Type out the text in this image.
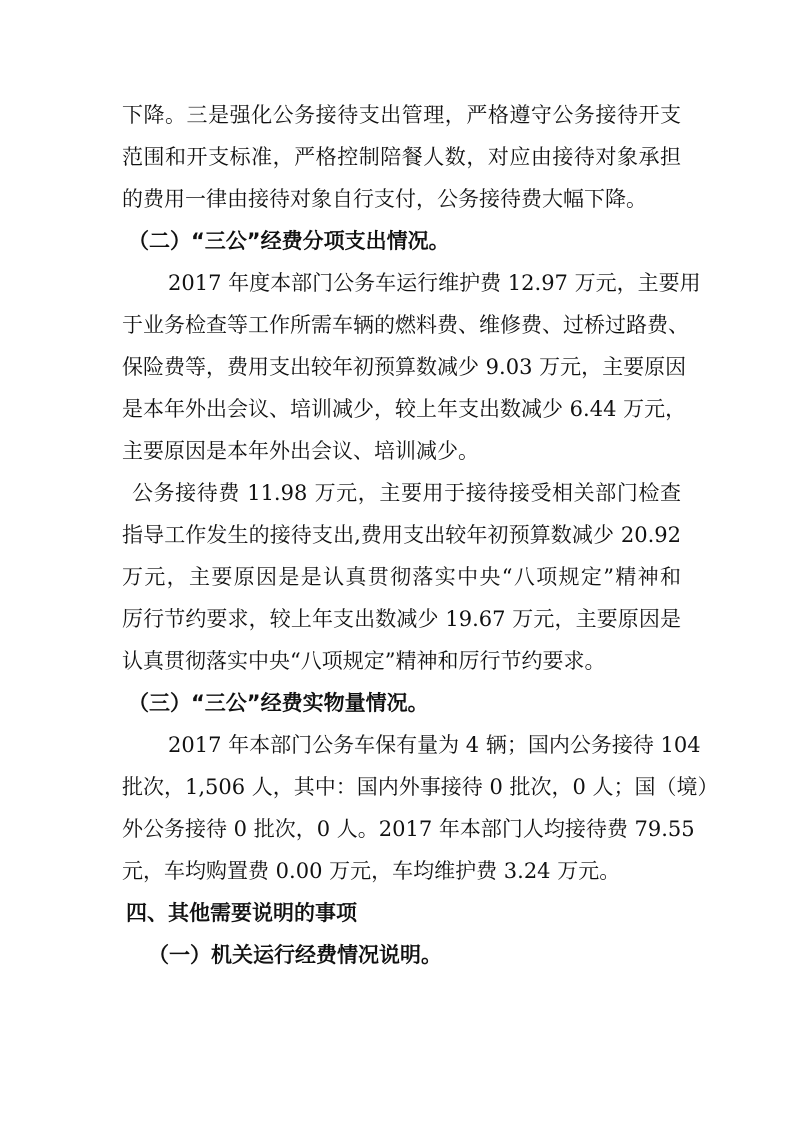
下降。三是强化公务接待支出管理，严格遵守公务接待开支
范围和开支标准，严格控制陪餐人数，对应由接待对象承担
的费用一律由接待对象自行支付，公务接待费大幅下降。
（二）“三公”经费分项支出情况。
2017 年度本部门公务车运行维护费 12.97 万元，主要用
于业务检查等工作所需车辆的燃料费、维修费、过桥过路费、
保险费等，费用支出较年初预算数减少 9.03 万元，主要原因
是本年外出会议、培训减少，较上年支出数减少 6.44 万元，
主要原因是本年外出会议、培训减少。
公务接待费 11.98 万元，主要用于接待接受相关部门检查
指导工作发生的接待支出,费用支出较年初预算数减少 20.92
万元，主要原因是是认真贯彻落实中央“八项规定”精神和
厉行节约要求，较上年支出数减少 19.67 万元，主要原因是
认真贯彻落实中央“八项规定”精神和厉行节约要求。
（三）“三公”经费实物量情况。
2017 年本部门公务车保有量为 4 辆；国内公务接待 104
批次，1,506 人，其中：国内外事接待 0 批次，0 人；国（境）
外公务接待 0 批次，0 人。2017 年本部门人均接待费 79.55
元，车均购置费 0.00 万元，车均维护费 3.24 万元。
四、其他需要说明的事项
（一）机关运行经费情况说明。
